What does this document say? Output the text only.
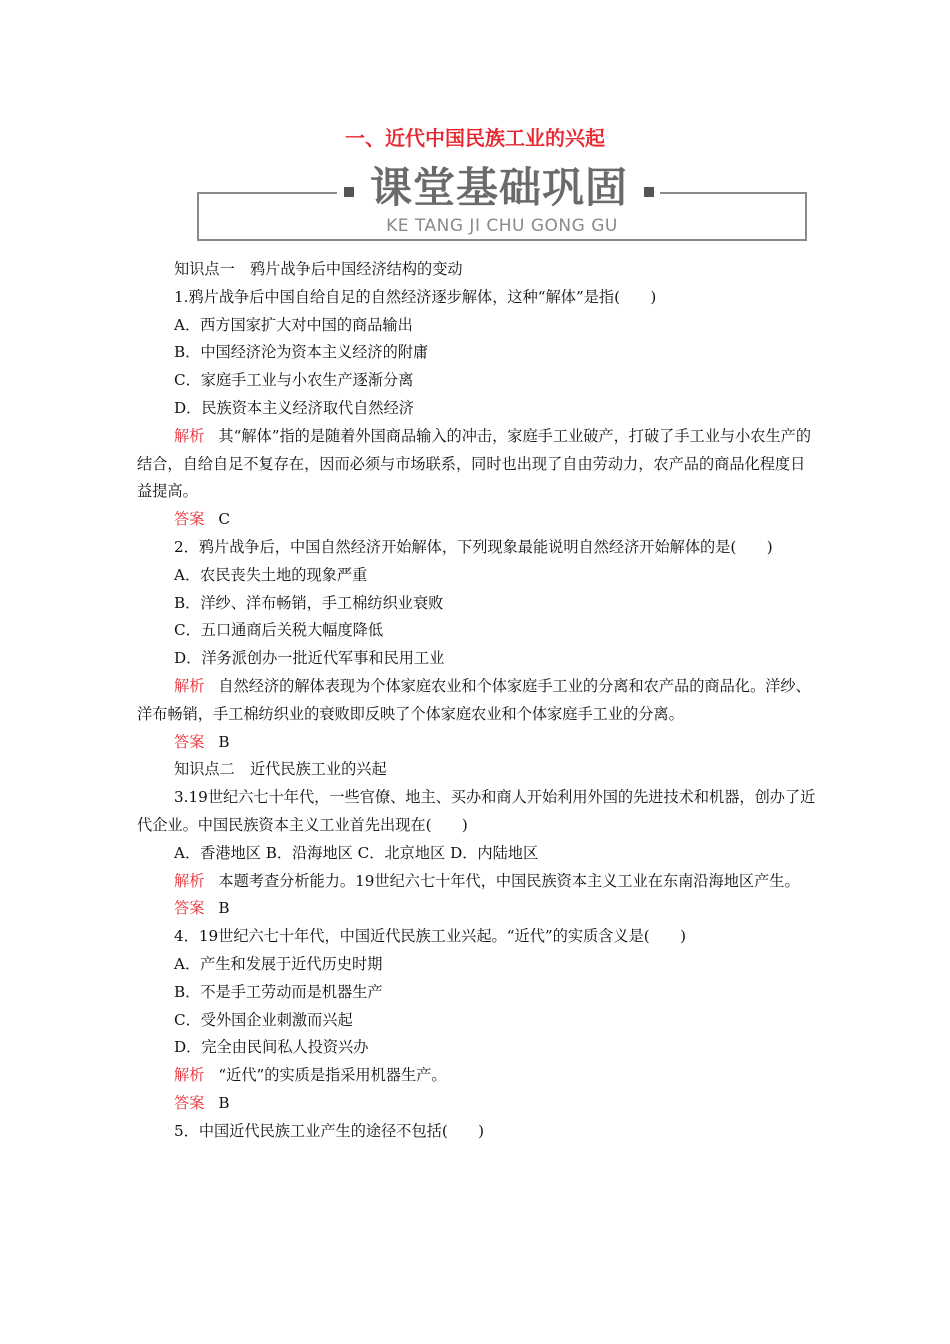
一、近代中国民族工业的兴起
课堂基础巩固
KE TANG JI CHU GONG GU
知识点一　鸦片战争后中国经济结构的变动
1.鸦片战争后中国自给自足的自然经济逐步解体，这种“解体”是指(　　)
A．西方国家扩大对中国的商品输出
B．中国经济沦为资本主义经济的附庸
C．家庭手工业与小农生产逐渐分离
D．民族资本主义经济取代自然经济
解析 其“解体”指的是随着外国商品输入的冲击，家庭手工业破产，打破了手工业与小农生产的结合，自给自足不复存在，因而必须与市场联系，同时也出现了自由劳动力，农产品的商品化程度日益提高。
答案 C
2．鸦片战争后，中国自然经济开始解体，下列现象最能说明自然经济开始解体的是(　　)
A．农民丧失土地的现象严重
B．洋纱、洋布畅销，手工棉纺织业衰败
C．五口通商后关税大幅度降低
D．洋务派创办一批近代军事和民用工业
解析 自然经济的解体表现为个体家庭农业和个体家庭手工业的分离和农产品的商品化。洋纱、洋布畅销，手工棉纺织业的衰败即反映了个体家庭农业和个体家庭手工业的分离。
答案 B
知识点二　近代民族工业的兴起
3.19世纪六七十年代，一些官僚、地主、买办和商人开始利用外国的先进技术和机器，创办了近代企业。中国民族资本主义工业首先出现在(　　)
A．香港地区 B．沿海地区 C．北京地区 D．内陆地区
解析 本题考查分析能力。19世纪六七十年代，中国民族资本主义工业在东南沿海地区产生。
答案 B
4．19世纪六七十年代，中国近代民族工业兴起。“近代”的实质含义是(　　)
A．产生和发展于近代历史时期
B．不是手工劳动而是机器生产
C．受外国企业刺激而兴起
D．完全由民间私人投资兴办
解析 “近代”的实质是指采用机器生产。
答案 B
5．中国近代民族工业产生的途径不包括(　　)
